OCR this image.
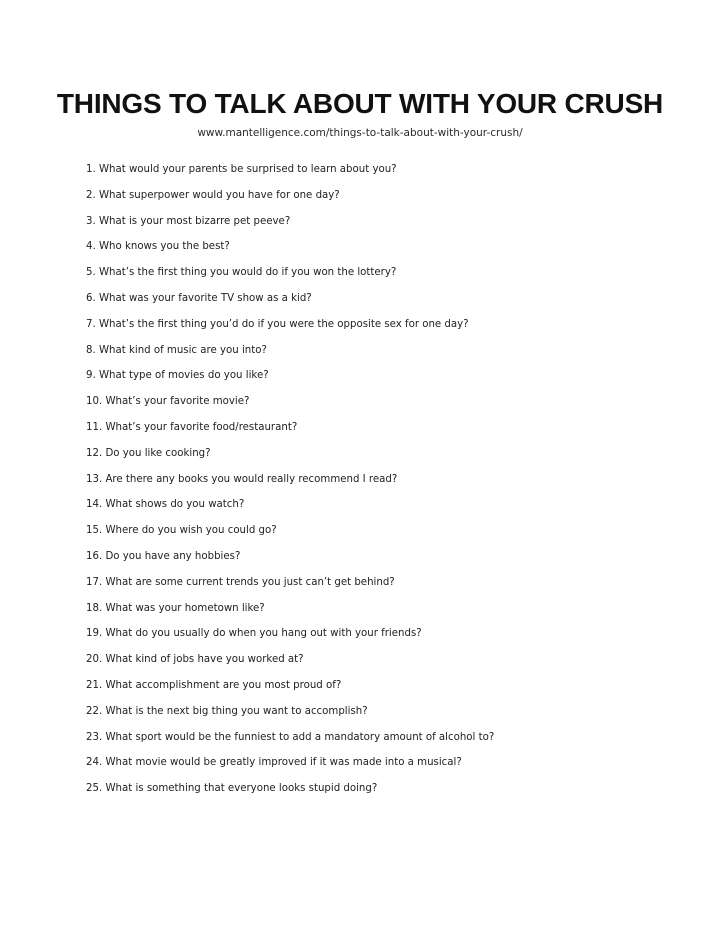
THINGS TO TALK ABOUT WITH YOUR CRUSH
www.mantelligence.com/things-to-talk-about-with-your-crush/
1. What would your parents be surprised to learn about you?
2. What superpower would you have for one day?
3. What is your most bizarre pet peeve?
4. Who knows you the best?
5. What’s the first thing you would do if you won the lottery?
6. What was your favorite TV show as a kid?
7. What’s the first thing you’d do if you were the opposite sex for one day?
8. What kind of music are you into?
9. What type of movies do you like?
10. What’s your favorite movie?
11. What’s your favorite food/restaurant?
12. Do you like cooking?
13. Are there any books you would really recommend I read?
14. What shows do you watch?
15. Where do you wish you could go?
16. Do you have any hobbies?
17. What are some current trends you just can’t get behind?
18. What was your hometown like?
19. What do you usually do when you hang out with your friends?
20. What kind of jobs have you worked at?
21. What accomplishment are you most proud of?
22. What is the next big thing you want to accomplish?
23. What sport would be the funniest to add a mandatory amount of alcohol to?
24. What movie would be greatly improved if it was made into a musical?
25. What is something that everyone looks stupid doing?
